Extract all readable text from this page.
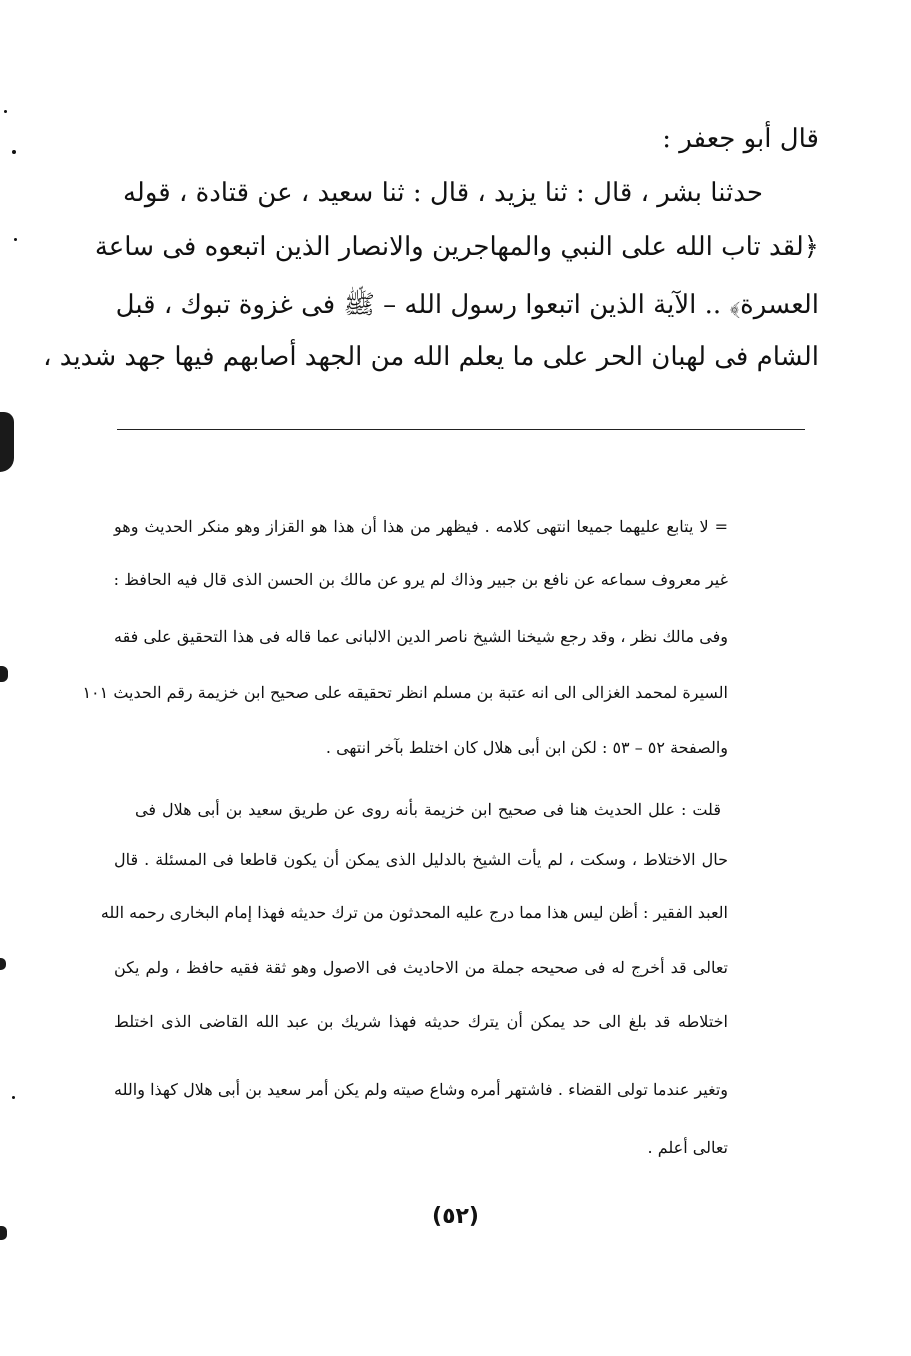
قال أبو جعفر :
حدثنا بشر ، قال : ثنا يزيد ، قال : ثنا سعيد ، عن قتادة ، قوله
﴿لقد تاب الله على النبي والمهاجرين والانصار الذين اتبعوه فى ساعة
العسرة﴾ .. الآية الذين اتبعوا رسول الله – ﷺ فى غزوة تبوك ، قبل
الشام فى لهبان الحر على ما يعلم الله من الجهد أصابهم فيها جهد شديد ،
= لا يتابع عليهما جميعا انتهى كلامه . فيظهر من هذا أن هذا هو القزاز وهو منكر الحديث وهو
غير معروف سماعه عن نافع بن جبير وذاك لم يرو عن مالك بن الحسن الذى قال فيه الحافظ :
وفى مالك نظر ، وقد رجع شيخنا الشيخ ناصر الدين الالبانى عما قاله فى هذا التحقيق على فقه
السيرة لمحمد الغزالى الى انه عتبة بن مسلم انظر تحقيقه على صحيح ابن خزيمة رقم الحديث ١٠١
والصفحة ٥٢ – ٥٣ : لكن ابن أبى هلال كان اختلط بآخر انتهى .
قلت : علل الحديث هنا فى صحيح ابن خزيمة بأنه روى عن طريق سعيد بن أبى هلال فى
حال الاختلاط ، وسكت ، لم يأت الشيخ بالدليل الذى يمكن أن يكون قاطعا فى المسئلة . قال
العبد الفقير : أظن ليس هذا مما درج عليه المحدثون من ترك حديثه فهذا إمام البخارى رحمه الله
تعالى قد أخرج له فى صحيحه جملة من الاحاديث فى الاصول وهو ثقة فقيه حافظ ، ولم يكن
اختلاطه قد بلغ الى حد يمكن أن يترك حديثه فهذا شريك بن عبد الله القاضى الذى اختلط
وتغير عندما تولى القضاء . فاشتهر أمره وشاع صيته ولم يكن أمر سعيد بن أبى هلال كهذا والله
تعالى أعلم .
(٥٢)
